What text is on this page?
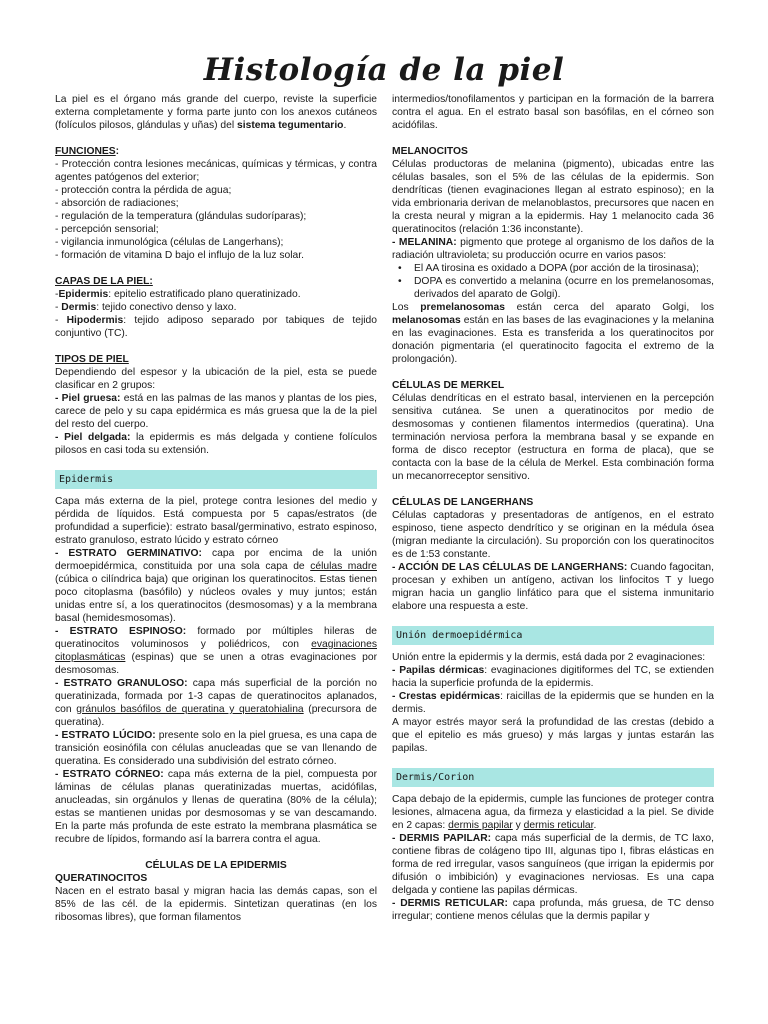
Histología de la piel

La piel es el órgano más grande del cuerpo, reviste la superficie externa completamente y forma parte junto con los anexos cutáneos (folículos pilosos, glándulas y uñas) del sistema tegumentario.

FUNCIONES:

- Protección contra lesiones mecánicas, químicas y térmicas, y contra agentes patógenos del exterior;

- protección contra la pérdida de agua;

- absorción de radiaciones;

- regulación de la temperatura (glándulas sudoríparas);

- percepción sensorial;

- vigilancia inmunológica (células de Langerhans);

- formación de vitamina D bajo el influjo de la luz solar.

CAPAS DE LA PIEL:

-Epidermis: epitelio estratificado plano queratinizado.

- Dermis: tejido conectivo denso y laxo.

- Hipodermis: tejido adiposo separado por tabiques de tejido conjuntivo (TC).

TIPOS DE PIEL

Dependiendo del espesor y la ubicación de la piel, esta se puede clasificar en 2 grupos:

- Piel gruesa: está en las palmas de las manos y plantas de los pies, carece de pelo y su capa epidérmica es más gruesa que la de la piel del resto del cuerpo.

- Piel delgada: la epidermis es más delgada y contiene folículos pilosos en casi toda su extensión.

Epidermis

Capa más externa de la piel, protege contra lesiones del medio y pérdida de líquidos. Está compuesta por 5 capas/estratos (de profundidad a superficie): estrato basal/germinativo, estrato espinoso, estrato granuloso, estrato lúcido y estrato córneo

- ESTRATO GERMINATIVO: capa por encima de la unión dermoepidérmica, constituida por una sola capa de células madre (cúbica o cilíndrica baja) que originan los queratinocitos. Estas tienen poco citoplasma (basófilo) y núcleos ovales y muy juntos; están unidas entre sí, a los queratinocitos (desmosomas) y a la membrana basal (hemidesmosomas).

- ESTRATO ESPINOSO: formado por múltiples hileras de queratinocitos voluminosos y poliédricos, con evaginaciones citoplasmáticas (espinas) que se unen a otras evaginaciones por desmosomas.

- ESTRATO GRANULOSO: capa más superficial de la porción no queratinizada, formada por 1-3 capas de queratinocitos aplanados, con gránulos basófilos de queratina y queratohialina (precursora de queratina).

- ESTRATO LÚCIDO: presente solo en la piel gruesa, es una capa de transición eosinófila con células anucleadas que se van llenando de queratina. Es considerado una subdivisión del estrato córneo.

- ESTRATO CÓRNEO: capa más externa de la piel, compuesta por láminas de células planas queratinizadas muertas, acidófilas, anucleadas, sin orgánulos y llenas de queratina (80% de la célula); estas se mantienen unidas por desmosomas y se van descamando. En la parte más profunda de este estrato la membrana plasmática se recubre de lípidos, formando así la barrera contra el agua.

CÉLULAS DE LA EPIDERMIS

QUERATINOCITOS

Nacen en el estrato basal y migran hacia las demás capas, son el 85% de las cél. de la epidermis. Sintetizan queratinas (en los ribosomas libres), que forman filamentos

intermedios/tonofilamentos y participan en la formación de la barrera contra el agua. En el estrato basal son basófilas, en el córneo son acidófilas.

MELANOCITOS

Células productoras de melanina (pigmento), ubicadas entre las células basales, son el 5% de las células de la epidermis. Son dendríticas (tienen evaginaciones llegan al estrato espinoso); en la vida embrionaria derivan de melanoblastos, precursores que nacen en la cresta neural y migran a la epidermis. Hay 1 melanocito cada 36 queratinocitos (relación 1:36 inconstante).

- MELANINA: pigmento que protege al organismo de los daños de la radiación ultravioleta; su producción ocurre en varios pasos:

• El AA tirosina es oxidado a DOPA (por acción de la tirosinasa);
• DOPA es convertido a melanina (ocurre en los premelanosomas, derivados del aparato de Golgi).

Los premelanosomas están cerca del aparato Golgi, los melanosomas están en las bases de las evaginaciones y la melanina en las evaginaciones. Esta es transferida a los queratinocitos por donación pigmentaria (el queratinocito fagocita el extremo de la prolongación).

CÉLULAS DE MERKEL

Células dendríticas en el estrato basal, intervienen en la percepción sensitiva cutánea. Se unen a queratinocitos por medio de desmosomas y contienen filamentos intermedios (queratina). Una terminación nerviosa perfora la membrana basal y se expande en forma de disco receptor (estructura en forma de placa), que se contacta con la base de la célula de Merkel. Esta combinación forma un mecanorreceptor sensitivo.

CÉLULAS DE LANGERHANS

Células captadoras y presentadoras de antígenos, en el estrato espinoso, tiene aspecto dendrítico y se originan en la médula ósea (migran mediante la circulación). Su proporción con los queratinocitos es de 1:53 constante.

- ACCIÓN DE LAS CÉLULAS DE LANGERHANS: Cuando fagocitan, procesan y exhiben un antígeno, activan los linfocitos T y luego migran hacia un ganglio linfático para que el sistema inmunitario elabore una respuesta a este.

Unión dermoepidérmica

Unión entre la epidermis y la dermis, está dada por 2 evaginaciones:

- Papilas dérmicas: evaginaciones digitiformes del TC, se extienden hacia la superficie profunda de la epidermis.

- Crestas epidérmicas: raicillas de la epidermis que se hunden en la dermis.

A mayor estrés mayor será la profundidad de las crestas (debido a que el epitelio es más grueso) y más largas y juntas estarán las papilas.

Dermis/Corion

Capa debajo de la epidermis, cumple las funciones de proteger contra lesiones, almacena agua, da firmeza y elasticidad a la piel. Se divide en 2 capas: dermis papilar y dermis reticular.

- DERMIS PAPILAR: capa más superficial de la dermis, de TC laxo, contiene fibras de colágeno tipo III, algunas tipo I, fibras elásticas en forma de red irregular, vasos sanguíneos (que irrigan la epidermis por difusión o imbibición) y evaginaciones nerviosas. Es una capa delgada y contiene las papilas dérmicas.

- DERMIS RETICULAR: capa profunda, más gruesa, de TC denso irregular; contiene menos células que la dermis papilar y
